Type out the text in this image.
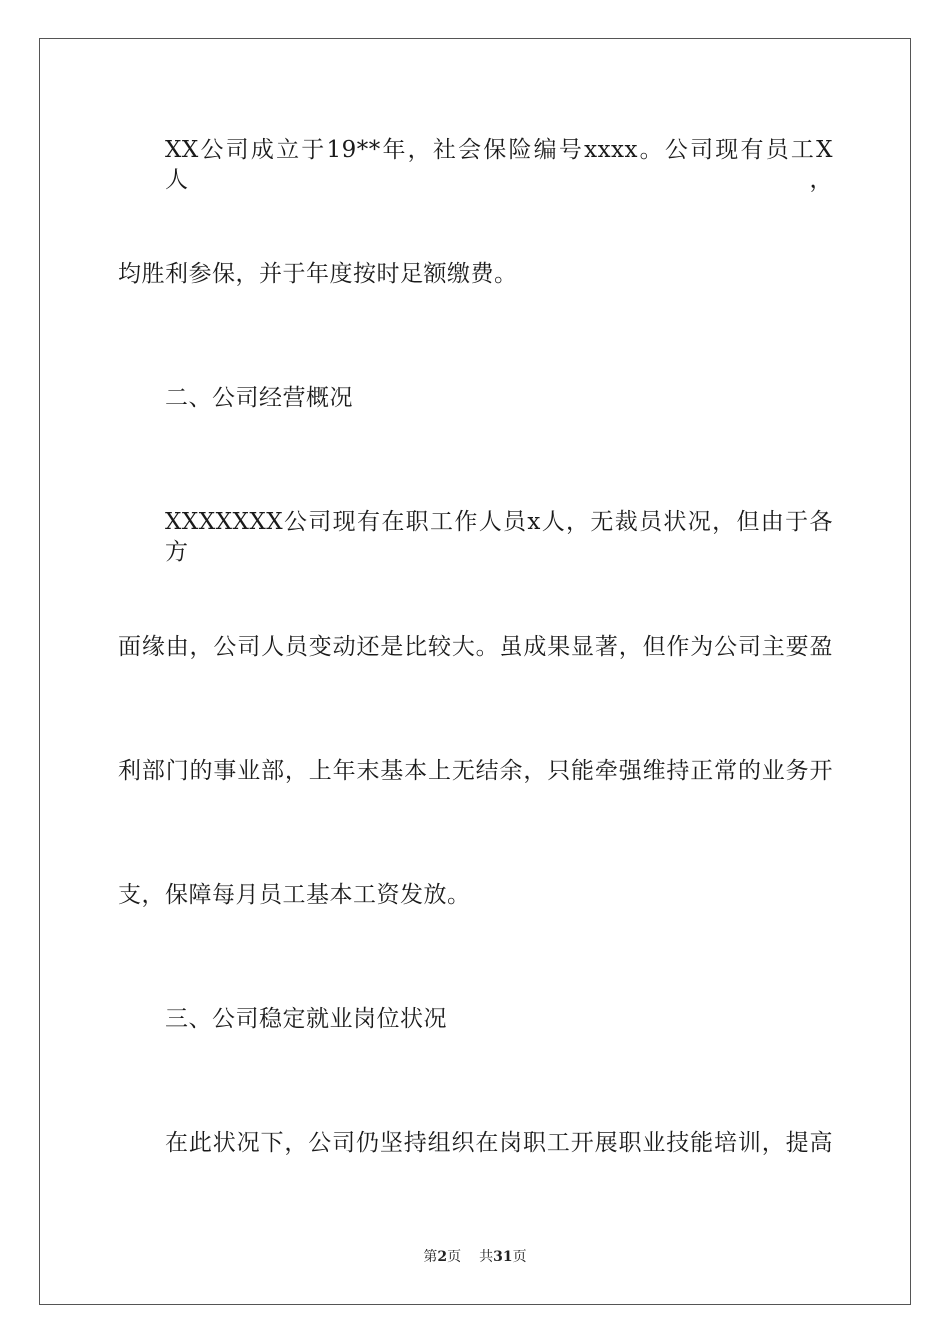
XX公司成立于19**年，社会保险编号xxxx。公司现有员工X人，
均胜利参保，并于年度按时足额缴费。
二、公司经营概况
XXXXXXX公司现有在职工作人员x人，无裁员状况，但由于各方
面缘由，公司人员变动还是比较大。虽成果显著，但作为公司主要盈
利部门的事业部，上年末基本上无结余，只能牵强维持正常的业务开
支，保障每月员工基本工资发放。
三、公司稳定就业岗位状况
在此状况下，公司仍坚持组织在岗职工开展职业技能培训，提高
第2页 共31页
